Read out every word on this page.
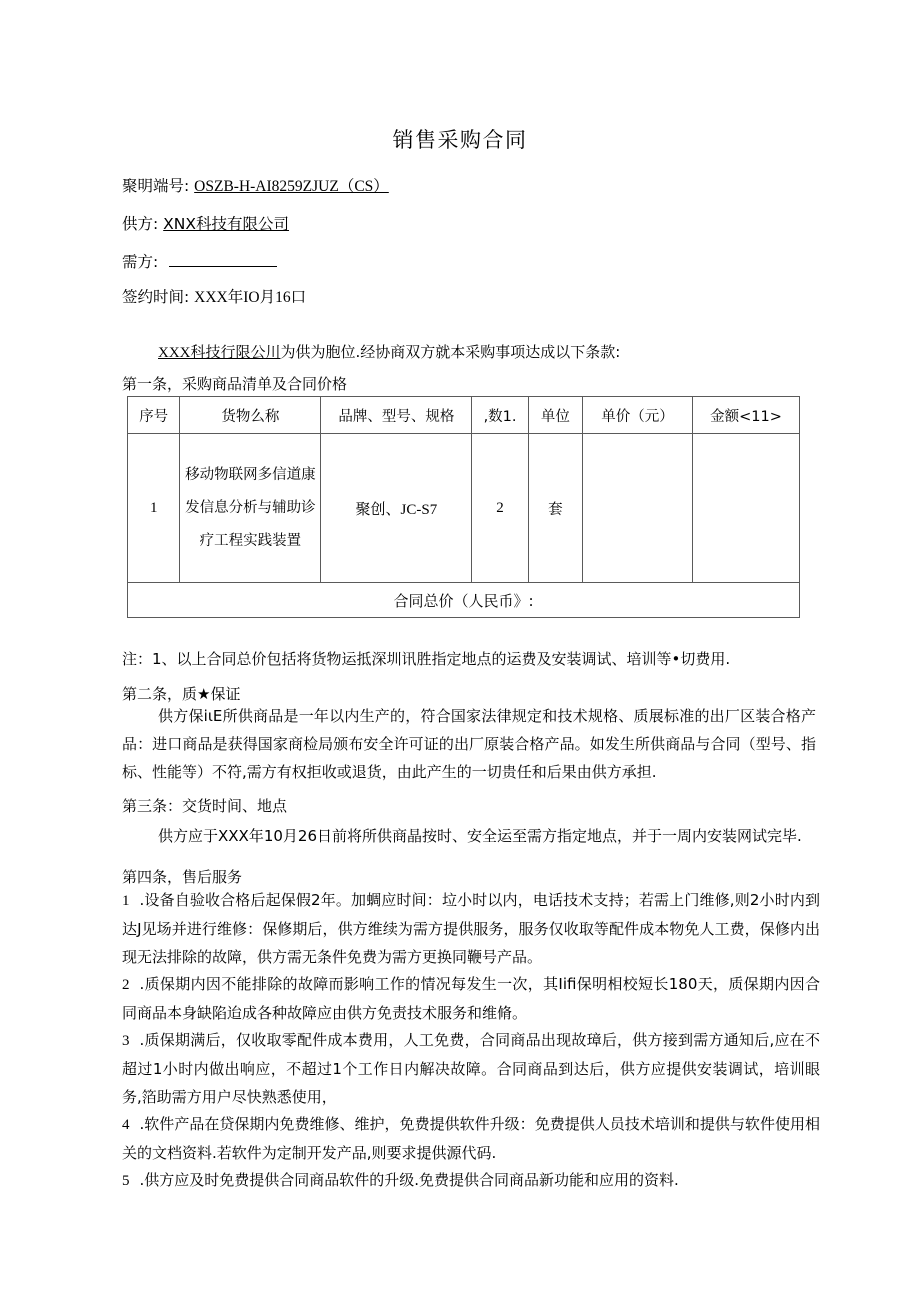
销售采购合同
聚明端号: OSZB-H-AI8259ZJUZ（CS）
供方: XNX科技有限公司
需方:
签约时间: XXX年IO月16口
XXX科技行限公川为供为胞位.经协商双方就本采购事项达成以下条款:
第一条，采购商品清单及合同价格
序号	货物么称	品牌、型号、规格	,数1.	单位	单价（元）	金额<11>
1	移动物联网多信道康发信息分析与辅助诊疗工程实践装置	聚创、JC-S7	2	套		
合同总价（人民币》:						
注：1、以上合同总价包括将货物运抵深圳讯胜指定地点的运费及安装调试、培训等•切费用.
第二条，质★保证
供方保iιE所供商品是一年以内生产的，符合国家法律规定和技术规格、质展标准的出厂区装合格产品：进口商品是获得国家商检局颁布安全许可证的出厂原装合格产品。如发生所供商品与合同（型号、指标、性能等）不符,需方有权拒收或退货，由此产生的一切贵任和后果由供方承担.
第三条：交货时间、地点
供方应于XXX年10月26日前将所供商晶按时、安全运至需方指定地点，并于一周内安装网试完毕.
第四条，售后服务
1 .设备自验收合格后起保假2年。加蜩应时间：垃小时以内，电话技术支持；若需上门维修,则2小时内到达J见场并进行维修：保修期后，供方维续为需方提供服务，服务仅收取等配件成本物免人工费，保修内出现无法排除的故障，供方需无条件免费为需方更换同鞭号产品。
2 .质保期内因不能排除的故障而影响工作的情况每发生一次，其Iifi保明相校短长180天，质保期内因合同商品本身缺陷迨成各种故障应由供方免责技术服务和维脩。
3 .质保期满后，仅收取零配件成本费用，人工免费，合同商品出现故璋后，供方接到需方通知后,应在不超过1小时内做出响应，不超过1个工作日内解决故障。合同商品到达后，供方应提供安装调试，培训眼务,箔助需方用户尽快熟悉使用，
4 .软件产品在贷保期内免费维修、维护，免费提供软件升级：免费提供人员技术培训和提供与软件使用相关的文档资料.若软件为定制开发产品,则要求提供源代码.
5 .供方应及时免费提供合同商品软件的升级.免费提供合同商品新功能和应用的资料.
